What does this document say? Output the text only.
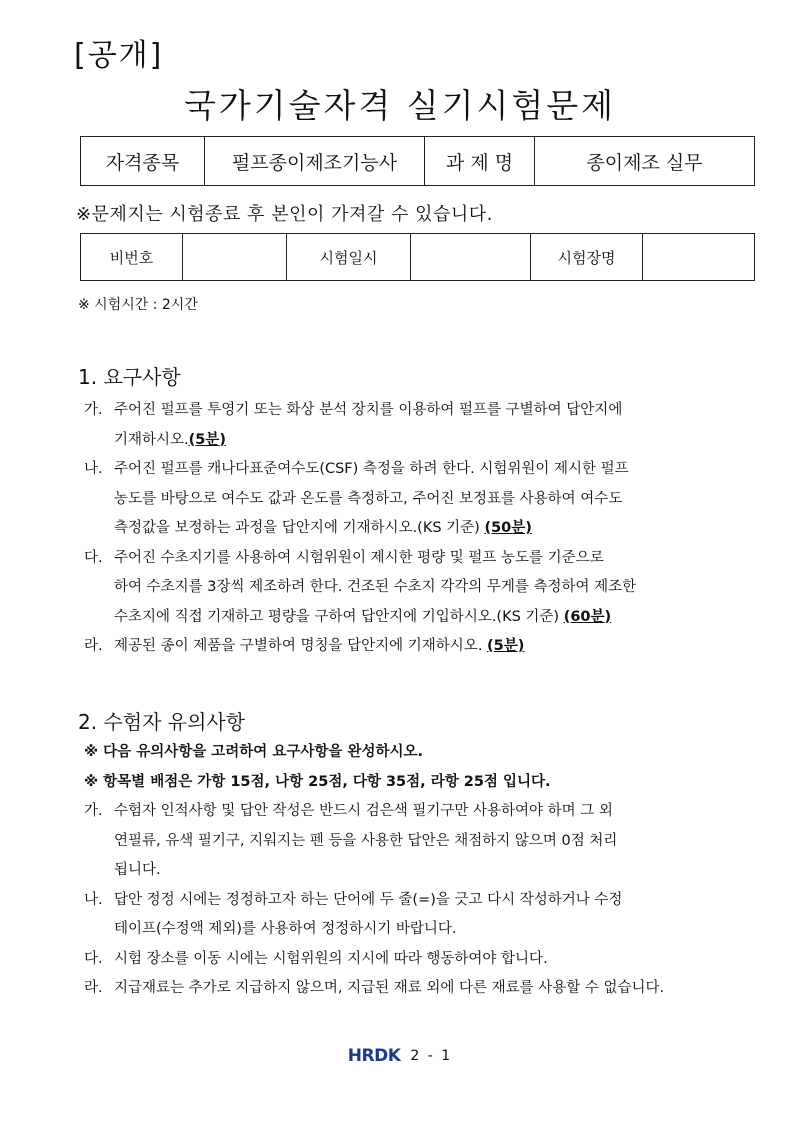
[공개]
국가기술자격 실기시험문제
자격종목	펄프종이제조기능사	과 제 명	종이제조 실무
※문제지는 시험종료 후 본인이 가져갈 수 있습니다.
비번호		시험일시		시험장명	
※ 시험시간 : 2시간
1. 요구사항
가. 주어진 펄프를 투영기 또는 화상 분석 장치를 이용하여 펄프를 구별하여 답안지에
기재하시오.(5분)
나. 주어진 펄프를 캐나다표준여수도(CSF) 측정을 하려 한다. 시험위원이 제시한 펄프
농도를 바탕으로 여수도 값과 온도를 측정하고, 주어진 보정표를 사용하여 여수도
측정값을 보정하는 과정을 답안지에 기재하시오.(KS 기준) (50분)
다. 주어진 수초지기를 사용하여 시험위원이 제시한 평량 및 펄프 농도를 기준으로
하여 수초지를 3장씩 제조하려 한다. 건조된 수초지 각각의 무게를 측정하여 제조한
수초지에 직접 기재하고 평량을 구하여 답안지에 기입하시오.(KS 기준) (60분)
라. 제공된 종이 제품을 구별하여 명칭을 답안지에 기재하시오. (5분)
2. 수험자 유의사항
※ 다음 유의사항을 고려하여 요구사항을 완성하시오.
※ 항목별 배점은 가항 15점, 나항 25점, 다항 35점, 라항 25점 입니다.
가. 수험자 인적사항 및 답안 작성은 반드시 검은색 필기구만 사용하여야 하며 그 외
연필류, 유색 필기구, 지워지는 펜 등을 사용한 답안은 채점하지 않으며 0점 처리
됩니다.
나. 답안 정정 시에는 정정하고자 하는 단어에 두 줄(=)을 긋고 다시 작성하거나 수정
테이프(수정액 제외)를 사용하여 정정하시기 바랍니다.
다. 시험 장소를 이동 시에는 시험위원의 지시에 따라 행동하여야 합니다.
라. 지급재료는 추가로 지급하지 않으며, 지급된 재료 외에 다른 재료를 사용할 수 없습니다.
HRDK 2 - 1
